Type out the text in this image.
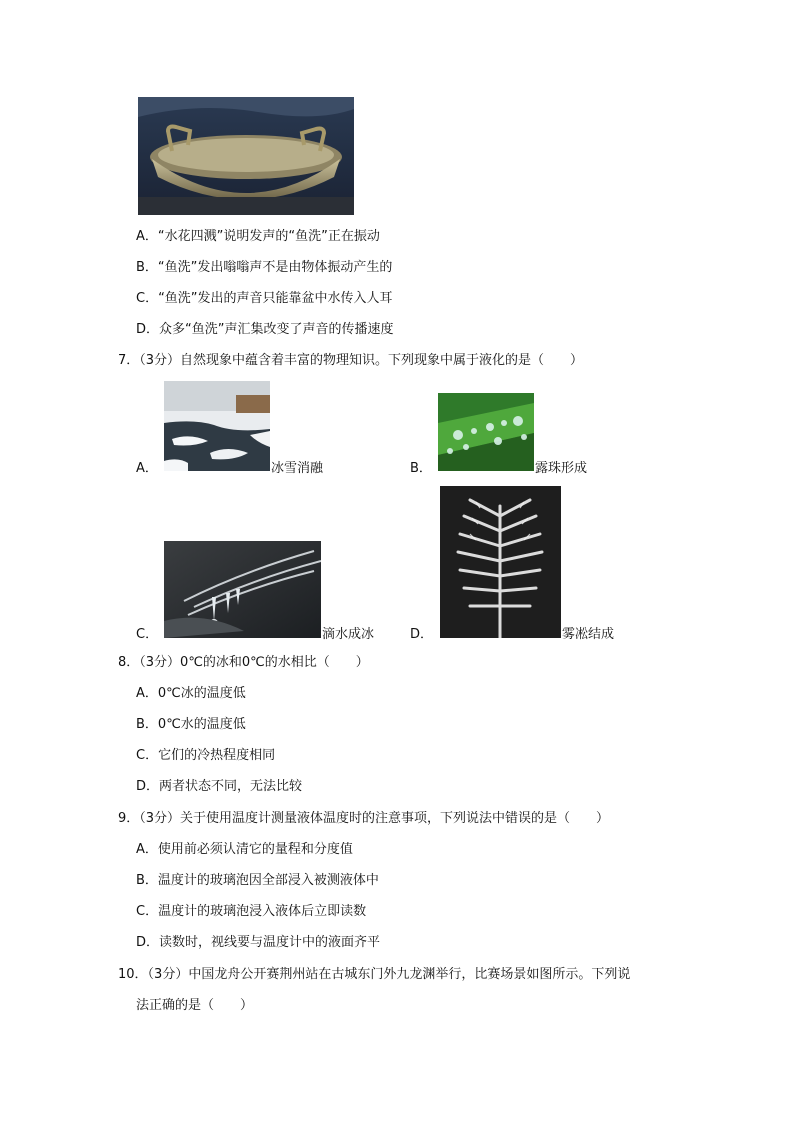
A．“水花四溅”说明发声的“鱼洗”正在振动
B．“鱼洗”发出嗡嗡声不是由物体振动产生的
C．“鱼洗”发出的声音只能靠盆中水传入人耳
D．众多“鱼洗”声汇集改变了声音的传播速度
7．（3分）自然现象中蕴含着丰富的物理知识。下列现象中属于液化的是（　　）
A．	冰雪消融	B．	露珠形成
C．	滴水成冰	D．	雾凇结成
8．（3分）0℃的冰和0℃的水相比（　　）
A．0℃冰的温度低
B．0℃水的温度低
C．它们的冷热程度相同
D．两者状态不同，无法比较
9．（3分）关于使用温度计测量液体温度时的注意事项，下列说法中错误的是（　　）
A．使用前必须认清它的量程和分度值
B．温度计的玻璃泡因全部浸入被测液体中
C．温度计的玻璃泡浸入液体后立即读数
D．读数时，视线要与温度计中的液面齐平
10．（3分）中国龙舟公开赛荆州站在古城东门外九龙渊举行，比赛场景如图所示。下列说
法正确的是（　　）
